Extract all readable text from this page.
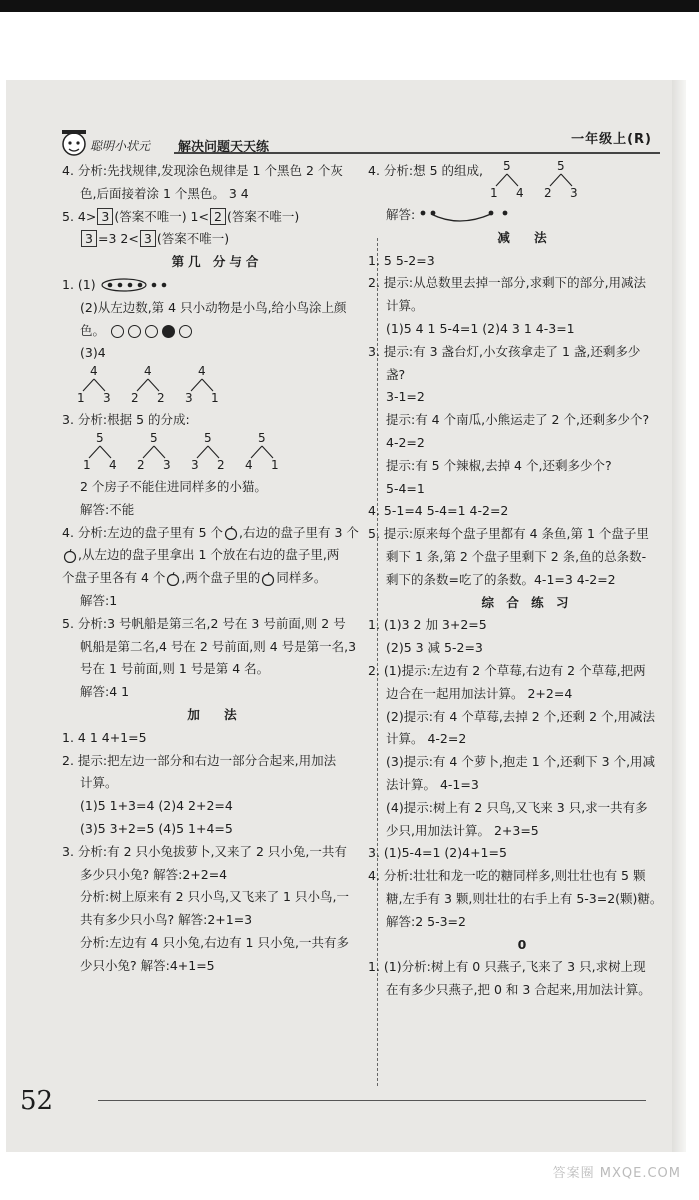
聪明小状元 解决问题天天练
一年级上(R)
4. 分析:先找规律,发现涂色规律是 1 个黑色 2 个灰
色,后面接着涂 1 个黑色。 3 4
5. 4> 3 (答案不唯一) 1< 2 (答案不唯一)
3 =3 2< 3 (答案不唯一)
第几 分与合
1. (1)
(2)从左边数,第 4 只小动物是小鸟,给小鸟涂上颜
色。
(3)4
4
1 3
4
2 2
4
3 1
3. 分析:根据 5 的分成:
5
1 4
5
2 3
5
3 2
5
4 1
2 个房子不能住进同样多的小猫。
解答:不能
4. 分析:左边的盘子里有 5 个 ,右边的盘子里有 3 个
,从左边的盘子里拿出 1 个放在右边的盘子里,两
个盘子里各有 4 个 ,两个盘子里的 同样多。
解答:1
5. 分析:3 号帆船是第三名,2 号在 3 号前面,则 2 号
帆船是第二名,4 号在 2 号前面,则 4 号是第一名,3
号在 1 号前面,则 1 号是第 4 名。
解答:4 1
加 法
1. 4 1 4+1=5
2. 提示:把左边一部分和右边一部分合起来,用加法
计算。
(1)5 1+3=4 (2)4 2+2=4
(3)5 3+2=5 (4)5 1+4=5
3. 分析:有 2 只小兔拔萝卜,又来了 2 只小兔,一共有
多少只小兔? 解答:2+2=4
分析:树上原来有 2 只小鸟,又飞来了 1 只小鸟,一
共有多少只小鸟? 解答:2+1=3
分析:左边有 4 只小兔,右边有 1 只小兔,一共有多
少只小兔? 解答:4+1=5
4. 分析:想 5 的组成, 5
1 4
5
2 3
解答:
减 法
1. 5 5-2=3
2. 提示:从总数里去掉一部分,求剩下的部分,用减法
计算。
(1)5 4 1 5-4=1 (2)4 3 1 4-3=1
3. 提示:有 3 盏台灯,小女孩拿走了 1 盏,还剩多少
盏?
3-1=2
提示:有 4 个南瓜,小熊运走了 2 个,还剩多少个?
4-2=2
提示:有 5 个辣椒,去掉 4 个,还剩多少个?
5-4=1
4. 5-1=4 5-4=1 4-2=2
5. 提示:原来每个盘子里都有 4 条鱼,第 1 个盘子里
剩下 1 条,第 2 个盘子里剩下 2 条,鱼的总条数-
剩下的条数=吃了的条数。4-1=3 4-2=2
综 合 练 习
1. (1)3 2 加 3+2=5
(2)5 3 减 5-2=3
2. (1)提示:左边有 2 个草莓,右边有 2 个草莓,把两
边合在一起用加法计算。 2+2=4
(2)提示:有 4 个草莓,去掉 2 个,还剩 2 个,用减法
计算。 4-2=2
(3)提示:有 4 个萝卜,抱走 1 个,还剩下 3 个,用减
法计算。 4-1=3
(4)提示:树上有 2 只鸟,又飞来 3 只,求一共有多
少只,用加法计算。 2+3=5
3. (1)5-4=1 (2)4+1=5
4. 分析:壮壮和龙一吃的糖同样多,则壮壮也有 5 颗
糖,左手有 3 颗,则壮壮的右手上有 5-3=2(颗)糖。
解答:2 5-3=2
0
1. (1)分析:树上有 0 只燕子,飞来了 3 只,求树上现
在有多少只燕子,把 0 和 3 合起来,用加法计算。
52
答案圈 MXQE.COM
